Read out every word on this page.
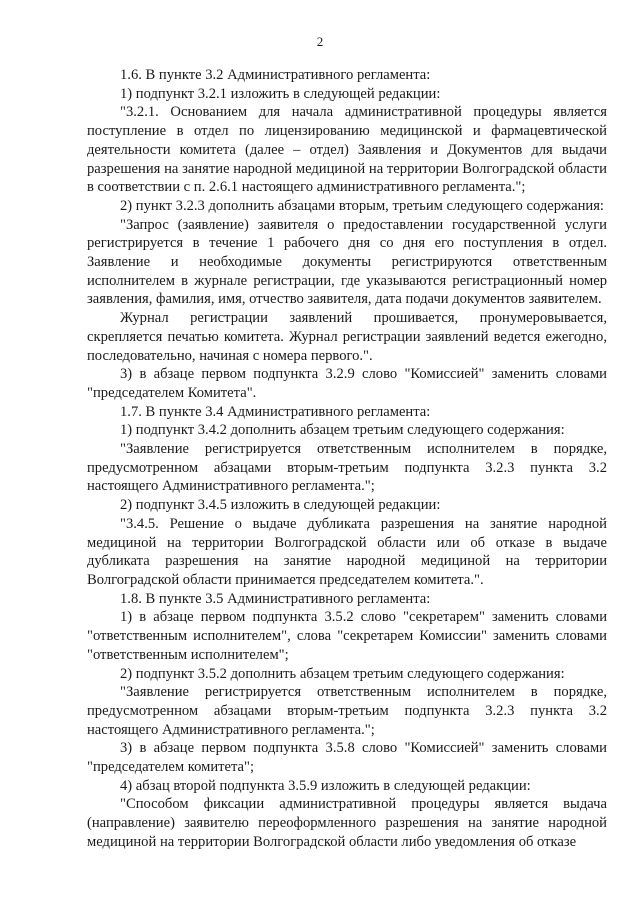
2

1.6. В пункте 3.2 Административного регламента:

1) подпункт 3.2.1 изложить в следующей редакции:

"3.2.1. Основанием для начала административной процедуры является поступление в отдел по лицензированию медицинской и фармацевтической деятельности комитета (далее – отдел) Заявления и Документов для выдачи разрешения на занятие народной медициной на территории Волгоградской области в соответствии с п. 2.6.1 настоящего административного регламента.";

2) пункт 3.2.3 дополнить абзацами вторым, третьим следующего содержания:

"Запрос (заявление) заявителя о предоставлении государственной услуги регистрируется в течение 1 рабочего дня со дня его поступления в отдел. Заявление и необходимые документы регистрируются ответственным исполнителем в журнале регистрации, где указываются регистрационный номер заявления, фамилия, имя, отчество заявителя, дата подачи документов заявителем.

Журнал регистрации заявлений прошивается, пронумеровывается, скрепляется печатью комитета. Журнал регистрации заявлений ведется ежегодно, последовательно, начиная с номера первого.".

3) в абзаце первом подпункта 3.2.9 слово "Комиссией" заменить словами "председателем Комитета".

1.7. В пункте 3.4 Административного регламента:

1) подпункт 3.4.2 дополнить абзацем третьим следующего содержания:

"Заявление регистрируется ответственным исполнителем в порядке, предусмотренном абзацами вторым-третьим подпункта 3.2.3 пункта 3.2 настоящего Административного регламента.";

2) подпункт 3.4.5 изложить в следующей редакции:

"3.4.5. Решение о выдаче дубликата разрешения на занятие народной медициной на территории Волгоградской области или об отказе в выдаче дубликата разрешения на занятие народной медициной на территории Волгоградской области принимается председателем комитета.".

1.8. В пункте 3.5 Административного регламента:

1) в абзаце первом подпункта 3.5.2 слово "секретарем" заменить словами "ответственным исполнителем", слова "секретарем Комиссии" заменить словами "ответственным исполнителем";

2) подпункт 3.5.2 дополнить абзацем третьим следующего содержания:

"Заявление регистрируется ответственным исполнителем в порядке, предусмотренном абзацами вторым-третьим подпункта 3.2.3 пункта 3.2 настоящего Административного регламента.";

3) в абзаце первом подпункта 3.5.8 слово "Комиссией" заменить словами "председателем комитета";

4) абзац второй подпункта 3.5.9 изложить в следующей редакции:

"Способом фиксации административной процедуры является выдача (направление) заявителю переоформленного разрешения на занятие народной медициной на территории Волгоградской области либо уведомления об отказе
